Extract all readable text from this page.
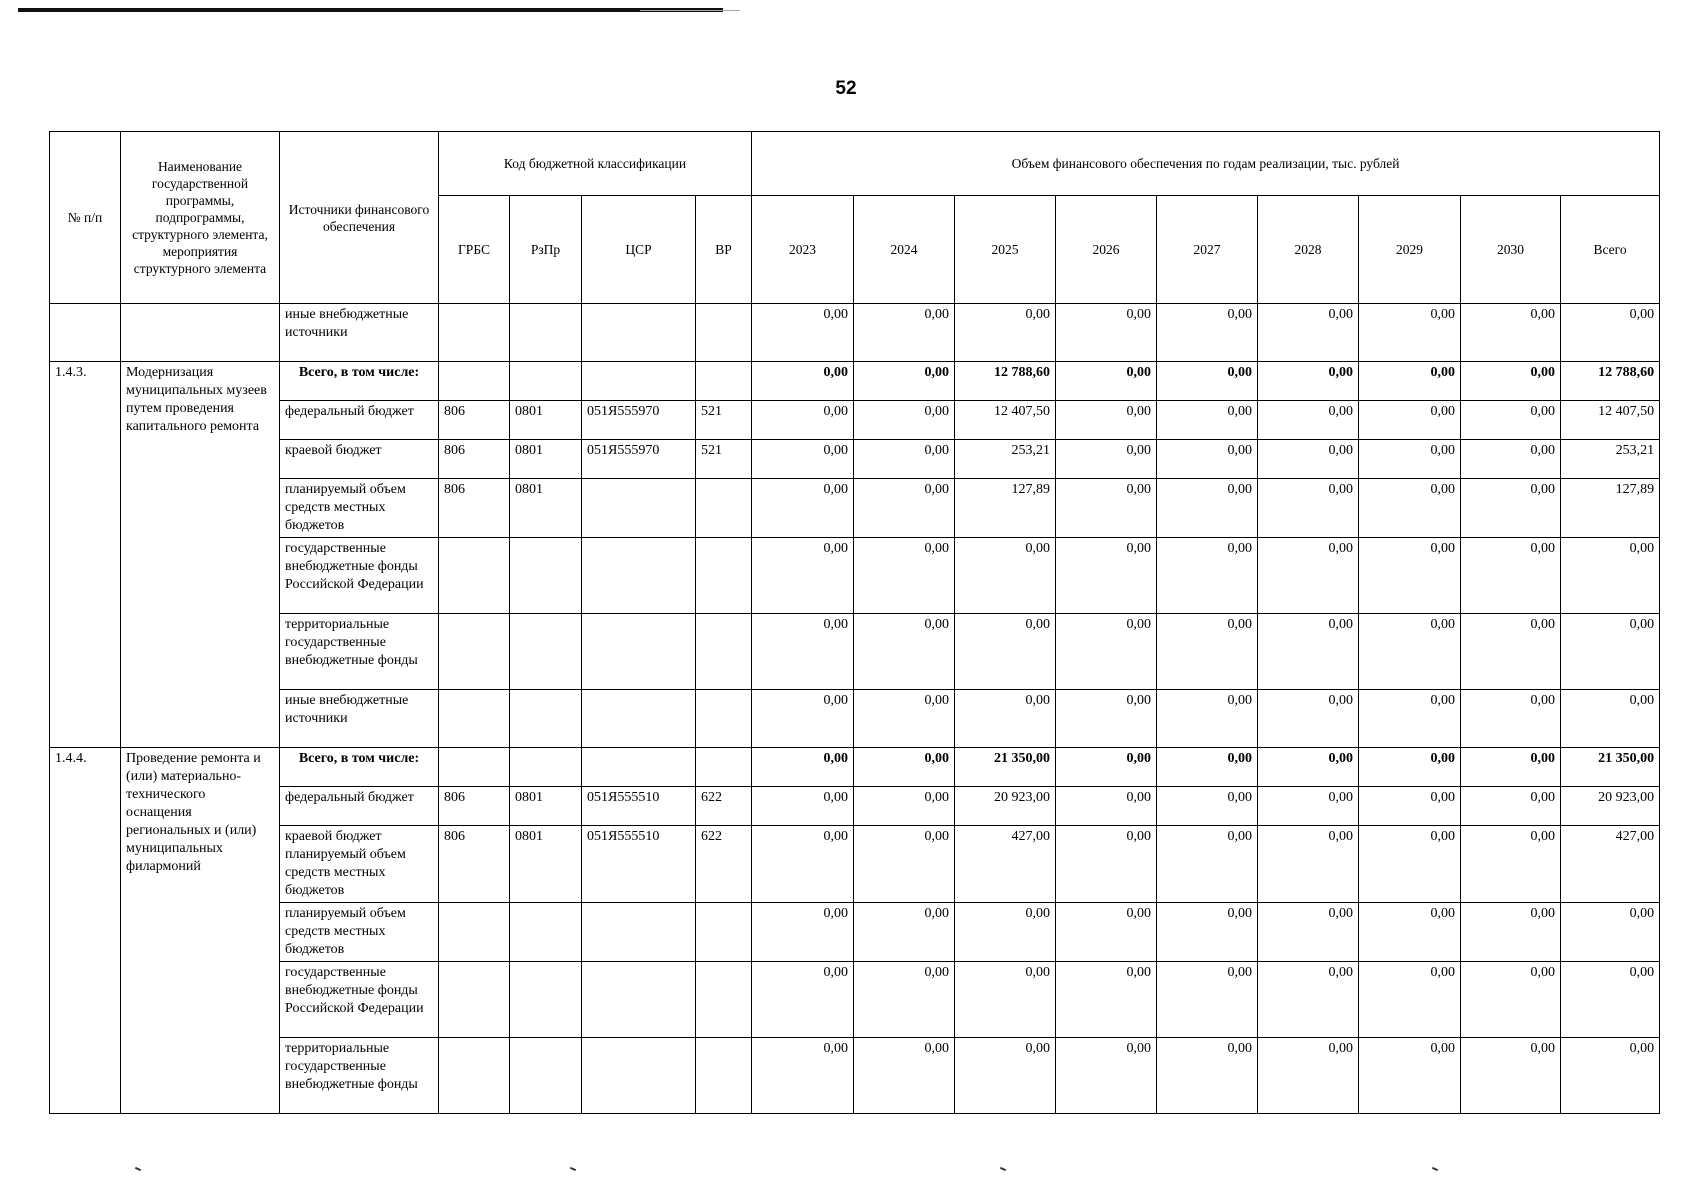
52
№ п/п	Наименование государственной программы, подпрограммы, структурного элемента, мероприятия структурного элемента	Источники финансового обеспечения	Код бюджетной классификации				Объем финансового обеспечения по годам реализации, тыс. рублей								
			ГРБС	РзПр	ЦСР	ВР	2023	2024	2025	2026	2027	2028	2029	2030	Всего
		иные внебюджетные источники					0,00	0,00	0,00	0,00	0,00	0,00	0,00	0,00	0,00
1.4.3.	Модернизация муниципальных музеев путем проведения капитального ремонта	Всего, в том числе:					0,00	0,00	12 788,60	0,00	0,00	0,00	0,00	0,00	12 788,60
		федеральный бюджет	806	0801	051Я555970	521	0,00	0,00	12 407,50	0,00	0,00	0,00	0,00	0,00	12 407,50
		краевой бюджет	806	0801	051Я555970	521	0,00	0,00	253,21	0,00	0,00	0,00	0,00	0,00	253,21
		планируемый объем средств местных бюджетов	806	0801			0,00	0,00	127,89	0,00	0,00	0,00	0,00	0,00	127,89
		государственные внебюджетные фонды Российской Федерации					0,00	0,00	0,00	0,00	0,00	0,00	0,00	0,00	0,00
		территориальные государственные внебюджетные фонды					0,00	0,00	0,00	0,00	0,00	0,00	0,00	0,00	0,00
		иные внебюджетные источники					0,00	0,00	0,00	0,00	0,00	0,00	0,00	0,00	0,00
1.4.4.	Проведение ремонта и (или) материально-технического оснащения региональных и (или) муниципальных филармоний	Всего, в том числе:					0,00	0,00	21 350,00	0,00	0,00	0,00	0,00	0,00	21 350,00
		федеральный бюджет	806	0801	051Я555510	622	0,00	0,00	20 923,00	0,00	0,00	0,00	0,00	0,00	20 923,00
		краевой бюджет планируемый объем средств местных бюджетов	806	0801	051Я555510	622	0,00	0,00	427,00	0,00	0,00	0,00	0,00	0,00	427,00
		планируемый объем средств местных бюджетов					0,00	0,00	0,00	0,00	0,00	0,00	0,00	0,00	0,00
		государственные внебюджетные фонды Российской Федерации					0,00	0,00	0,00	0,00	0,00	0,00	0,00	0,00	0,00
		территориальные государственные внебюджетные фонды					0,00	0,00	0,00	0,00	0,00	0,00	0,00	0,00	0,00
